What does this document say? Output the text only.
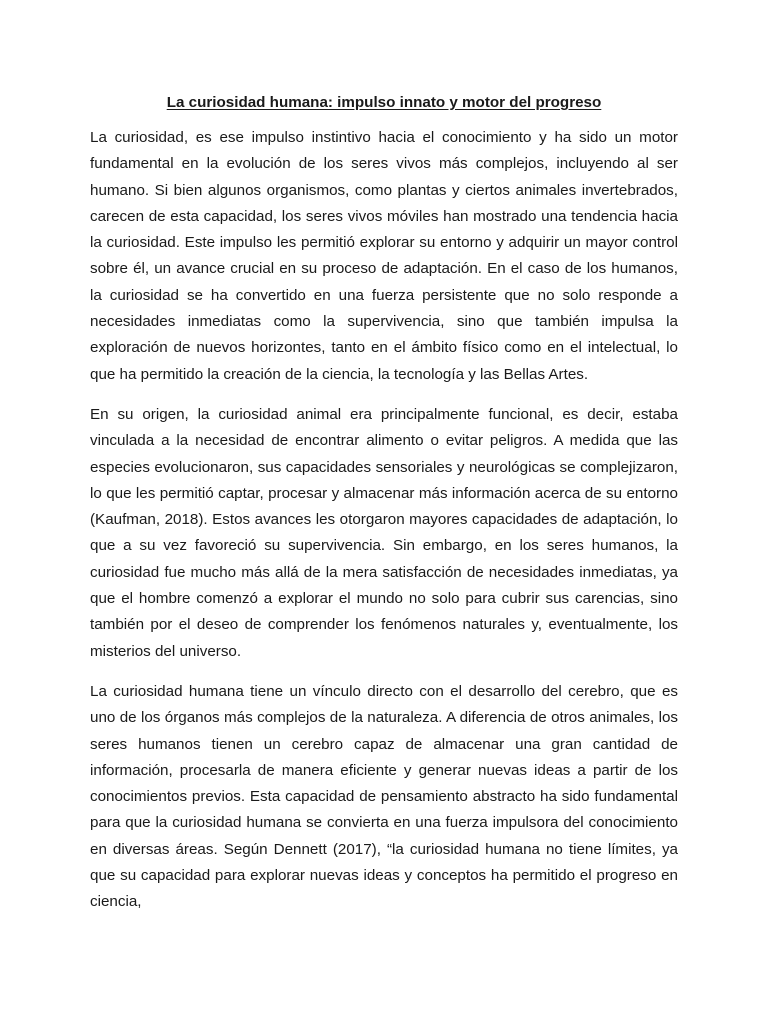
La curiosidad humana: impulso innato y motor del progreso

La curiosidad, es ese impulso instintivo hacia el conocimiento y ha sido un motor fundamental en la evolución de los seres vivos más complejos, incluyendo al ser humano. Si bien algunos organismos, como plantas y ciertos animales invertebrados, carecen de esta capacidad, los seres vivos móviles han mostrado una tendencia hacia la curiosidad. Este impulso les permitió explorar su entorno y adquirir un mayor control sobre él, un avance crucial en su proceso de adaptación. En el caso de los humanos, la curiosidad se ha convertido en una fuerza persistente que no solo responde a necesidades inmediatas como la supervivencia, sino que también impulsa la exploración de nuevos horizontes, tanto en el ámbito físico como en el intelectual, lo que ha permitido la creación de la ciencia, la tecnología y las Bellas Artes.

En su origen, la curiosidad animal era principalmente funcional, es decir, estaba vinculada a la necesidad de encontrar alimento o evitar peligros. A medida que las especies evolucionaron, sus capacidades sensoriales y neurológicas se complejizaron, lo que les permitió captar, procesar y almacenar más información acerca de su entorno (Kaufman, 2018). Estos avances les otorgaron mayores capacidades de adaptación, lo que a su vez favoreció su supervivencia. Sin embargo, en los seres humanos, la curiosidad fue mucho más allá de la mera satisfacción de necesidades inmediatas, ya que el hombre comenzó a explorar el mundo no solo para cubrir sus carencias, sino también por el deseo de comprender los fenómenos naturales y, eventualmente, los misterios del universo.

La curiosidad humana tiene un vínculo directo con el desarrollo del cerebro, que es uno de los órganos más complejos de la naturaleza. A diferencia de otros animales, los seres humanos tienen un cerebro capaz de almacenar una gran cantidad de información, procesarla de manera eficiente y generar nuevas ideas a partir de los conocimientos previos. Esta capacidad de pensamiento abstracto ha sido fundamental para que la curiosidad humana se convierta en una fuerza impulsora del conocimiento en diversas áreas. Según Dennett (2017), “la curiosidad humana no tiene límites, ya que su capacidad para explorar nuevas ideas y conceptos ha permitido el progreso en ciencia,
